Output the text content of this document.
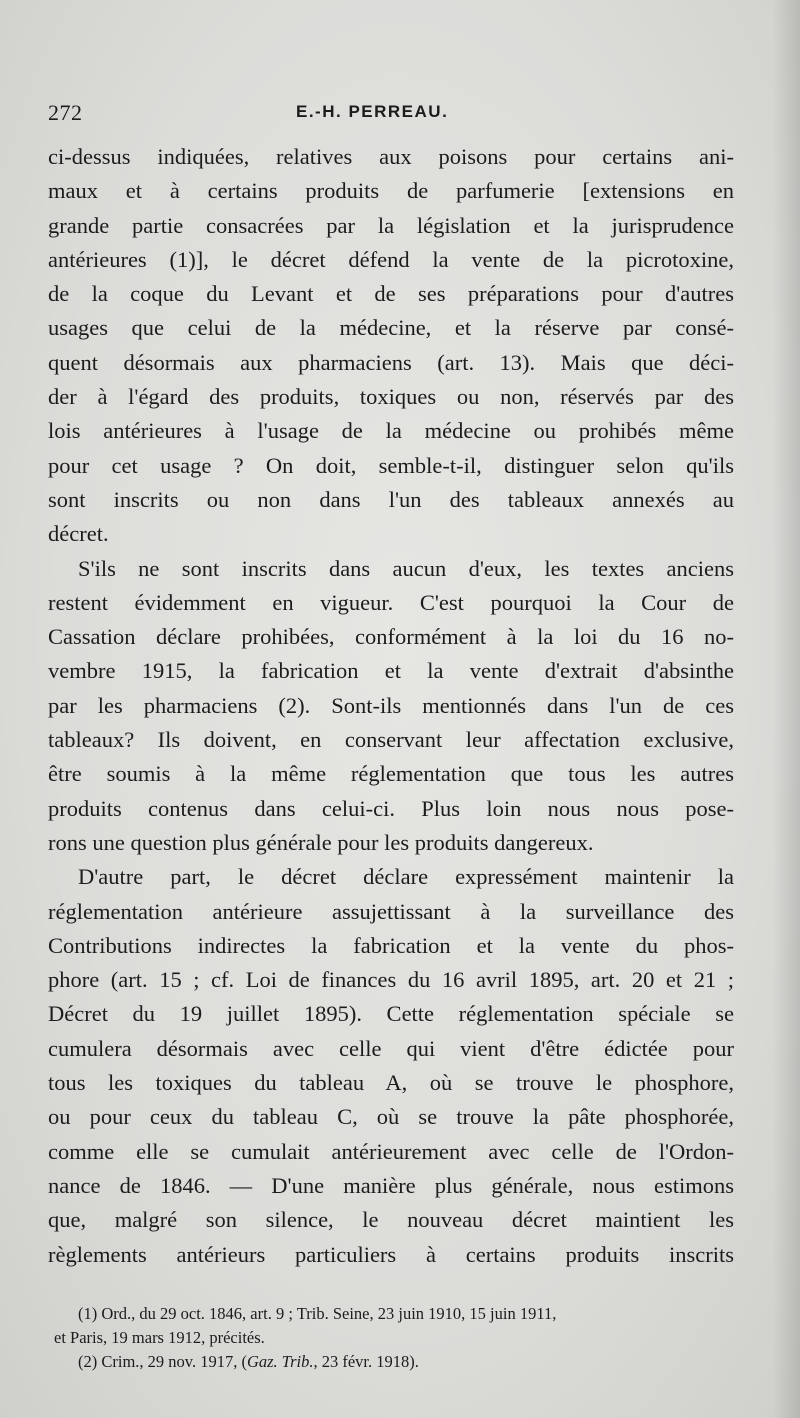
272	E.-H. PERREAU.
ci-dessus indiquées, relatives aux poisons pour certains ani-
maux et à certains produits de parfumerie [extensions en
grande partie consacrées par la législation et la jurisprudence
antérieures (1)], le décret défend la vente de la picrotoxine,
de la coque du Levant et de ses préparations pour d'autres
usages que celui de la médecine, et la réserve par consé-
quent désormais aux pharmaciens (art. 13). Mais que déci-
der à l'égard des produits, toxiques ou non, réservés par des
lois antérieures à l'usage de la médecine ou prohibés même
pour cet usage ? On doit, semble-t-il, distinguer selon qu'ils
sont inscrits ou non dans l'un des tableaux annexés au
décret.
S'ils ne sont inscrits dans aucun d'eux, les textes anciens
restent évidemment en vigueur. C'est pourquoi la Cour de
Cassation déclare prohibées, conformément à la loi du 16 no-
vembre 1915, la fabrication et la vente d'extrait d'absinthe
par les pharmaciens (2). Sont-ils mentionnés dans l'un de ces
tableaux? Ils doivent, en conservant leur affectation exclusive,
être soumis à la même réglementation que tous les autres
produits contenus dans celui-ci. Plus loin nous nous pose-
rons une question plus générale pour les produits dangereux.
D'autre part, le décret déclare expressément maintenir la
réglementation antérieure assujettissant à la surveillance des
Contributions indirectes la fabrication et la vente du phos-
phore (art. 15 ; cf. Loi de finances du 16 avril 1895, art. 20 et 21 ;
Décret du 19 juillet 1895). Cette réglementation spéciale se
cumulera désormais avec celle qui vient d'être édictée pour
tous les toxiques du tableau A, où se trouve le phosphore,
ou pour ceux du tableau C, où se trouve la pâte phosphorée,
comme elle se cumulait antérieurement avec celle de l'Ordon-
nance de 1846. — D'une manière plus générale, nous estimons
que, malgré son silence, le nouveau décret maintient les
règlements antérieurs particuliers à certains produits inscrits
(1) Ord., du 29 oct. 1846, art. 9 ; Trib. Seine, 23 juin 1910, 15 juin 1911,
et Paris, 19 mars 1912, précités.
(2) Crim., 29 nov. 1917, (Gaz. Trib., 23 févr. 1918).
